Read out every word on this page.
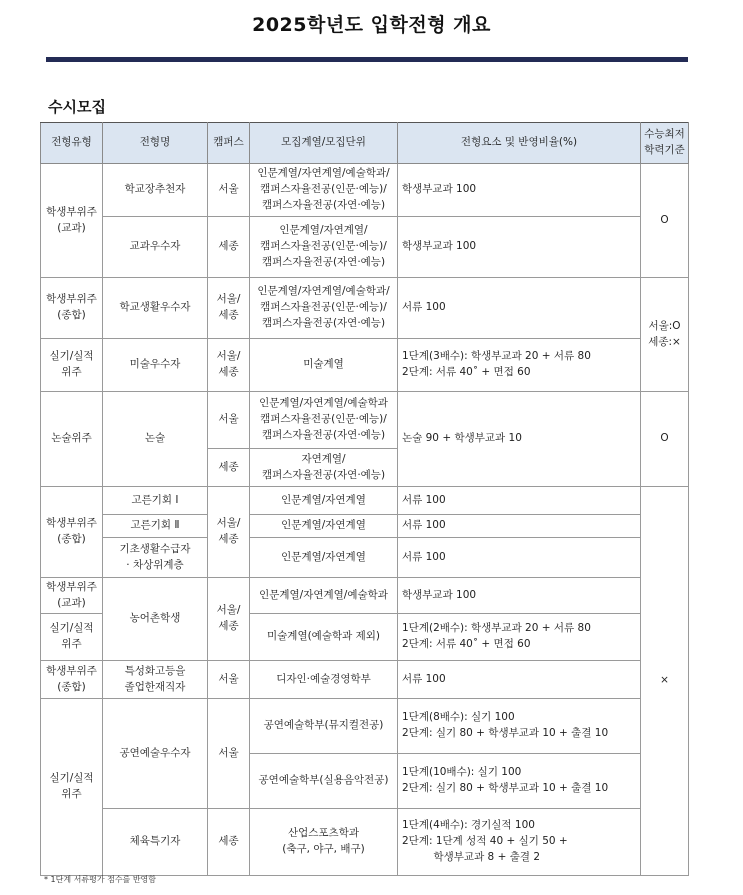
2025학년도 입학전형 개요
수시모집
전형유형	전형명	캠퍼스	모집계열/모집단위	전형요소 및 반영비율(%)	수능최저
학력기준
학생부위주
(교과)	학교장추천자	서울	인문계열/자연계열/예술학과/
캠퍼스자율전공(인문·예능)/
캠퍼스자율전공(자연·예능)	학생부교과 100	O
	교과우수자	세종	인문계열/자연계열/
캠퍼스자율전공(인문·예능)/
캠퍼스자율전공(자연·예능)	학생부교과 100	
학생부위주
(종합)	학교생활우수자	서울/
세종	인문계열/자연계열/예술학과/
캠퍼스자율전공(인문·예능)/
캠퍼스자율전공(자연·예능)	서류 100	서울:O
세종:×
실기/실적
위주	미술우수자	서울/
세종	미술계열	1단계(3배수): 학생부교과 20 + 서류 80
2단계: 서류 40˚ + 면접 60	
논술위주	논술	서울	인문계열/자연계열/예술학과
캠퍼스자율전공(인문·예능)/
캠퍼스자율전공(자연·예능)	논술 90 + 학생부교과 10	O
		세종	자연계열/
캠퍼스자율전공(자연·예능)		
학생부위주
(종합)	고른기회 Ⅰ	서울/
세종	인문계열/자연계열	서류 100	×
	고른기회 Ⅱ		인문계열/자연계열	서류 100	
	기초생활수급자
· 차상위계층		인문계열/자연계열	서류 100	
학생부위주
(교과)	농어촌학생	서울/
세종	인문계열/자연계열/예술학과	학생부교과 100	
실기/실적
위주			미술계열(예술학과 제외)	1단계(2배수): 학생부교과 20 + 서류 80
2단계: 서류 40˚ + 면접 60	
학생부위주
(종합)	특성화고등을
졸업한재직자	서울	디자인·예술경영학부	서류 100	
실기/실적
위주	공연예술우수자	서울	공연예술학부(뮤지컬전공)	1단계(8배수): 실기 100
2단계: 실기 80 + 학생부교과 10 + 출결 10	
			공연예술학부(실용음악전공)	1단계(10배수): 실기 100
2단계: 실기 80 + 학생부교과 10 + 출결 10	
	체육특기자	세종	산업스포츠학과
(축구, 야구, 배구)	1단계(4배수): 경기실적 100
2단계: 1단계 성적 40 + 실기 50 +
　　　학생부교과 8 + 출결 2	
* 1단계 서류평가 점수를 반영함
